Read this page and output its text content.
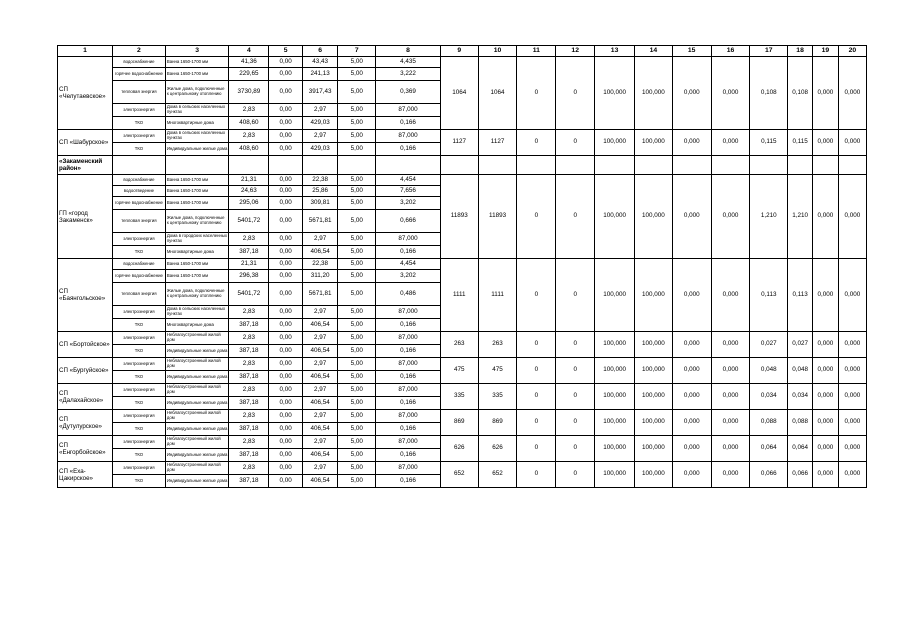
1	2	3	4	5	6	7	8	9	10	11	12	13	14	15	16	17	18	19	20
СП «Челутаевское»	водоснабжение	Ванна 1650-1700 мм	41,36	0,00	43,43	5,00	4,435	1064	1064	0	0	100,000	100,000	0,000	0,000	0,108	0,108	0,000	0,000
	горячее водоснабжение	Ванна 1650-1700 мм	229,65	0,00	241,13	5,00	3,222												
	тепловая энергия	Жилые дома, подключенные к центральному отоплению	3730,89	0,00	3917,43	5,00	0,369												
	электроэнергия	Дома в сельских населенных пунктах	2,83	0,00	2,97	5,00	87,000												
	ТКО	Многоквартирные дома	408,60	0,00	429,03	5,00	0,166												
СП «Шабурское»	электроэнергия	Дома в сельских населенных пунктах	2,83	0,00	2,97	5,00	87,000	1127	1127	0	0	100,000	100,000	0,000	0,000	0,115	0,115	0,000	0,000
	ТКО	Индивидуальные жилые дома	408,60	0,00	429,03	5,00	0,166												
«Закаменский район»																			
ГП «город Закаменск»	водоснабжение	Ванна 1650-1700 мм	21,31	0,00	22,38	5,00	4,454	11893	11893	0	0	100,000	100,000	0,000	0,000	1,210	1,210	0,000	0,000
	водоотведение	Ванна 1650-1700 мм	24,63	0,00	25,86	5,00	7,656												
	горячее водоснабжение	Ванна 1650-1700 мм	295,06	0,00	309,81	5,00	3,202												
	тепловая энергия	Жилые дома, подключенные к центральному отоплению	5401,72	0,00	5671,81	5,00	0,666												
	электроэнергия	Дома в городских населенных пунктах	2,83	0,00	2,97	5,00	87,000												
	ТКО	Многоквартирные дома	387,18	0,00	406,54	5,00	0,166												
СП «Баянгольское»	водоснабжение	Ванна 1650-1700 мм	21,31	0,00	22,38	5,00	4,454	1111	1111	0	0	100,000	100,000	0,000	0,000	0,113	0,113	0,000	0,000
	горячее водоснабжение	Ванна 1650-1700 мм	296,38	0,00	311,20	5,00	3,202												
	тепловая энергия	Жилые дома, подключенные к центральному отоплению	5401,72	0,00	5671,81	5,00	0,486												
	электроэнергия	Дома в сельских населенных пунктах	2,83	0,00	2,97	5,00	87,000												
	ТКО	Многоквартирные дома	387,18	0,00	406,54	5,00	0,166												
СП «Бортойское»	электроэнергия	Неблагоустроенный жилой дом	2,83	0,00	2,97	5,00	87,000	263	263	0	0	100,000	100,000	0,000	0,000	0,027	0,027	0,000	0,000
	ТКО	Индивидуальные жилые дома	387,18	0,00	406,54	5,00	0,166												
СП «Бургуйское»	электроэнергия	Неблагоустроенный жилой дом	2,83	0,00	2,97	5,00	87,000	475	475	0	0	100,000	100,000	0,000	0,000	0,048	0,048	0,000	0,000
	ТКО	Индивидуальные жилые дома	387,18	0,00	406,54	5,00	0,166												
СП «Далахайское»	электроэнергия	Неблагоустроенный жилой дом	2,83	0,00	2,97	5,00	87,000	335	335	0	0	100,000	100,000	0,000	0,000	0,034	0,034	0,000	0,000
	ТКО	Индивидуальные жилые дома	387,18	0,00	406,54	5,00	0,166												
СП «Дутулурское»	электроэнергия	Неблагоустроенный жилой дом	2,83	0,00	2,97	5,00	87,000	869	869	0	0	100,000	100,000	0,000	0,000	0,088	0,088	0,000	0,000
	ТКО	Индивидуальные жилые дома	387,18	0,00	406,54	5,00	0,166												
СП «Енгорбойское»	электроэнергия	Неблагоустроенный жилой дом	2,83	0,00	2,97	5,00	87,000	626	626	0	0	100,000	100,000	0,000	0,000	0,064	0,064	0,000	0,000
	ТКО	Индивидуальные жилые дома	387,18	0,00	406,54	5,00	0,166												
СП «Еха-Цакирское»	электроэнергия	Неблагоустроенный жилой дом	2,83	0,00	2,97	5,00	87,000	652	652	0	0	100,000	100,000	0,000	0,000	0,066	0,066	0,000	0,000
	ТКО	Индивидуальные жилые дома	387,18	0,00	406,54	5,00	0,166												
